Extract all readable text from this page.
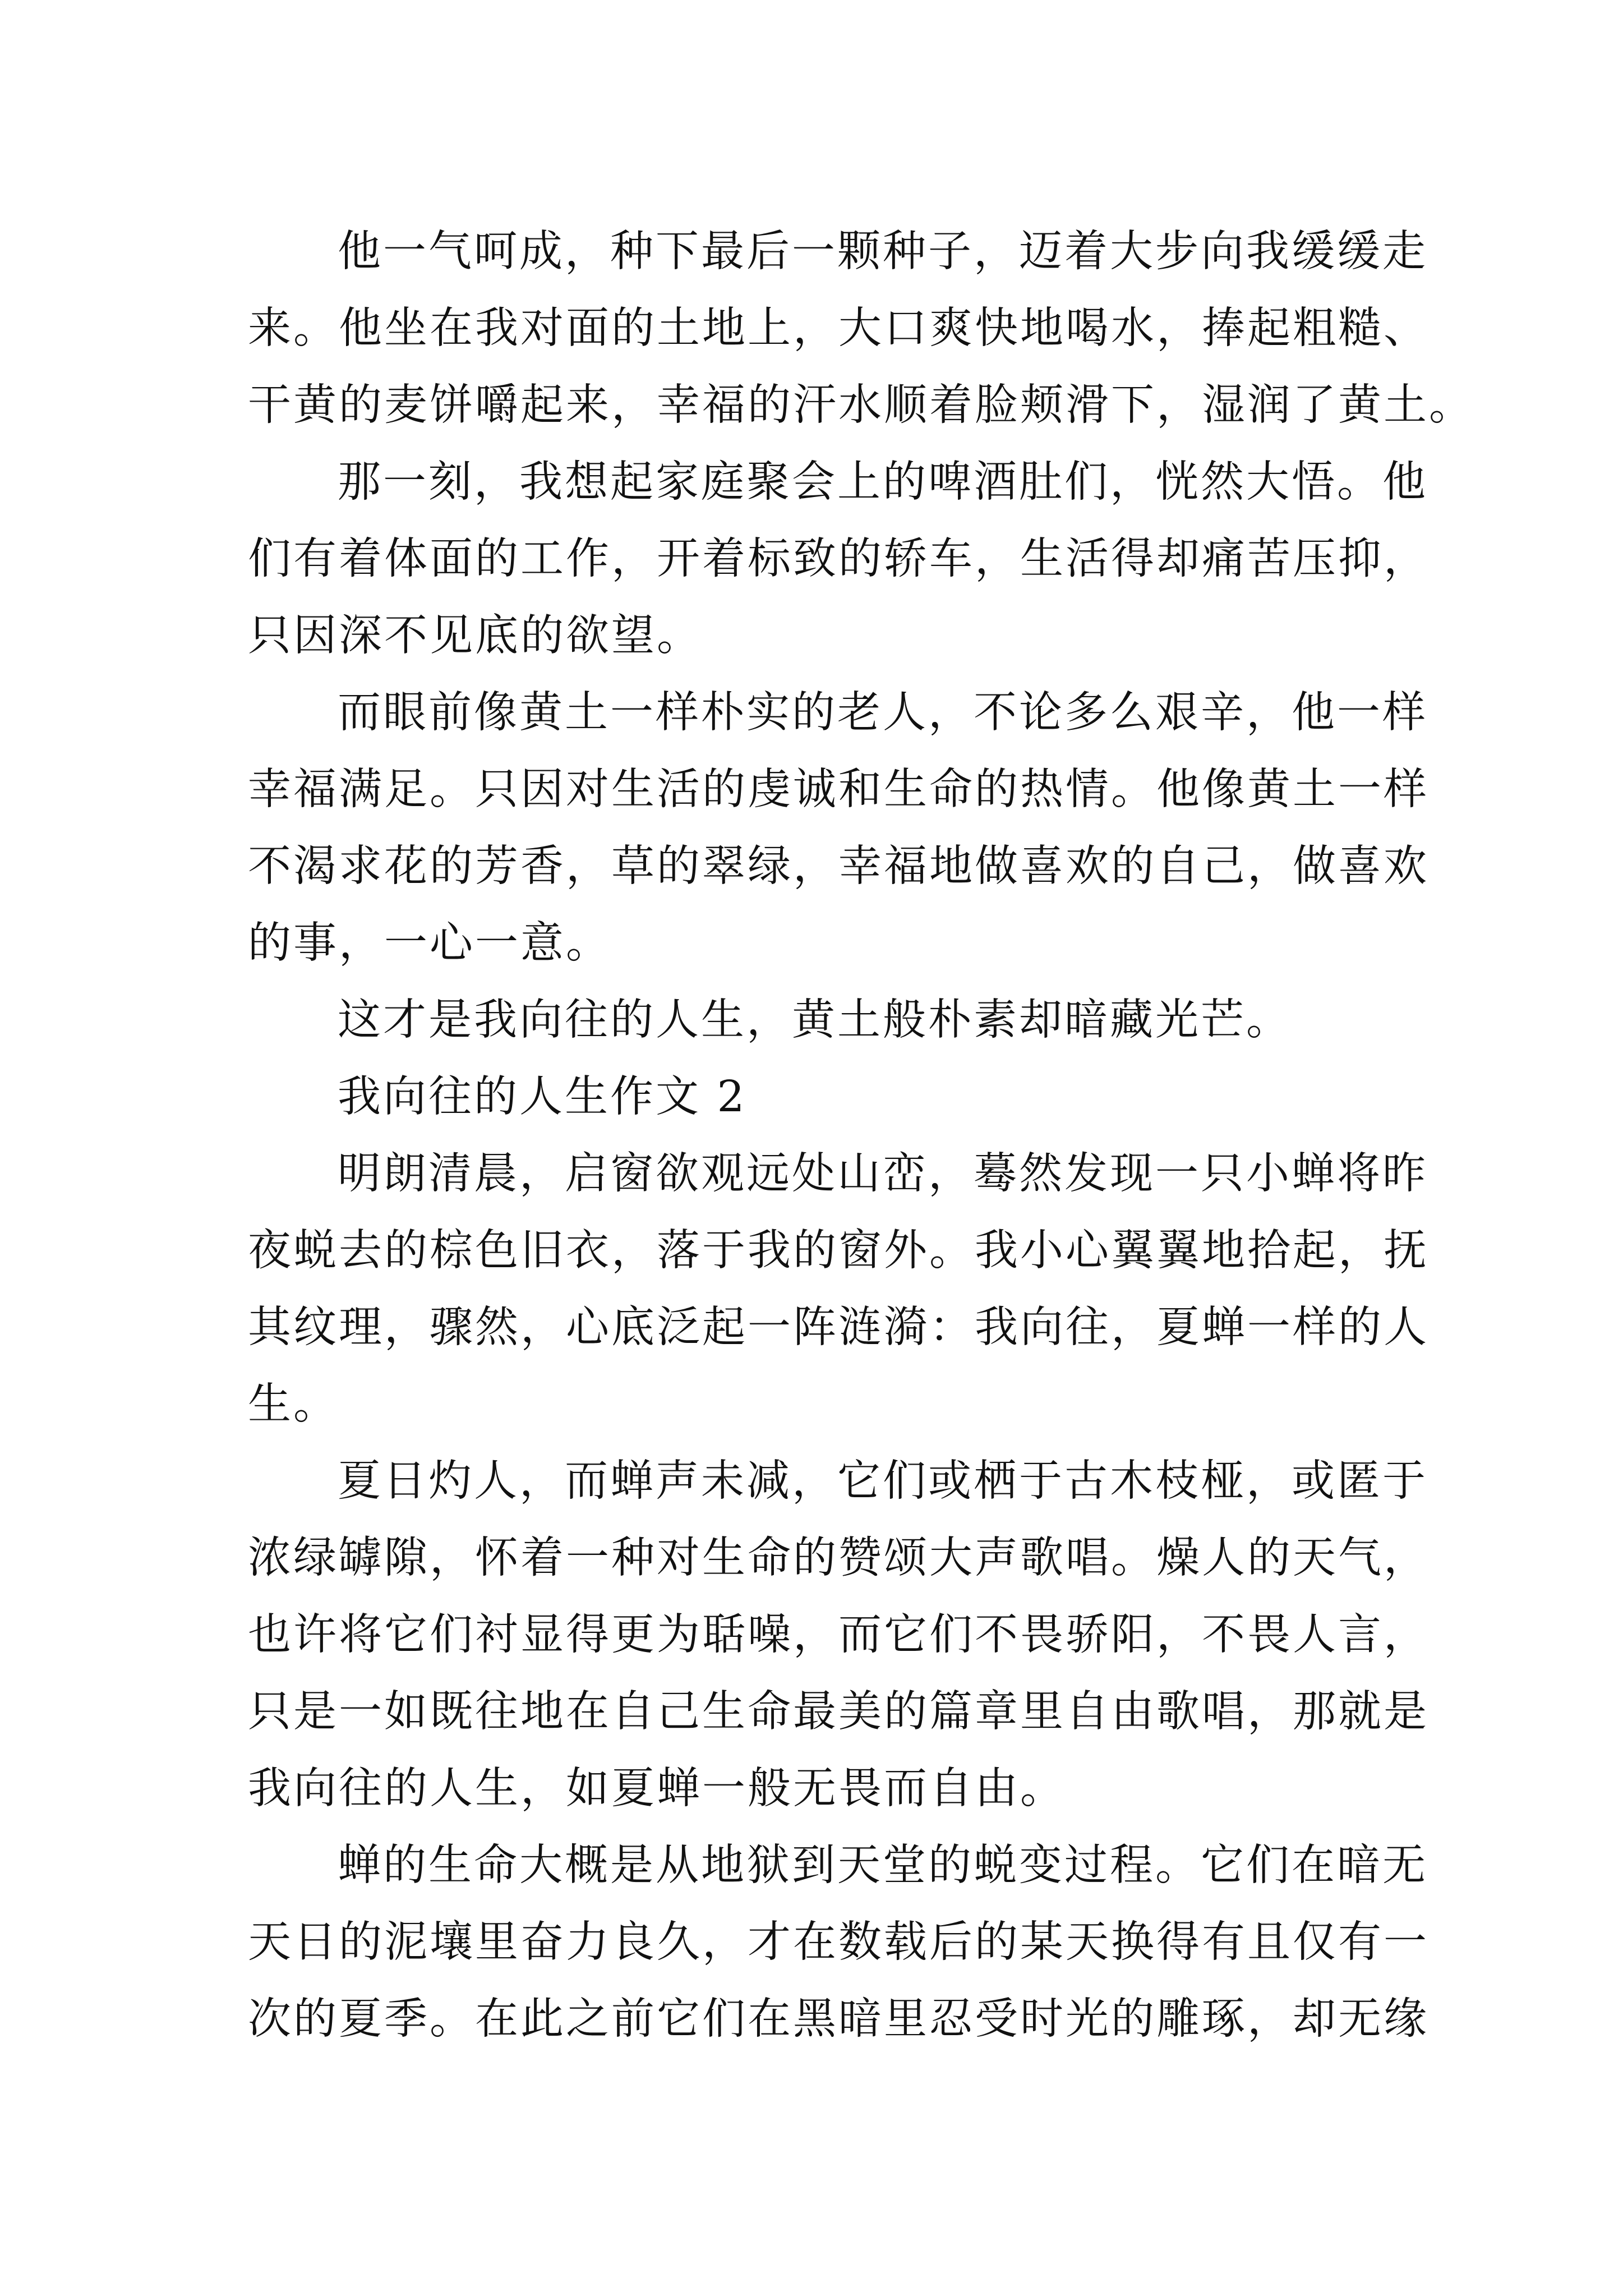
他一气呵成，种下最后一颗种子，迈着大步向我缓缓走
来。他坐在我对面的土地上，大口爽快地喝水，捧起粗糙、
干黄的麦饼嚼起来，幸福的汗水顺着脸颊滑下，湿润了黄土。
那一刻，我想起家庭聚会上的啤酒肚们，恍然大悟。他
们有着体面的工作，开着标致的轿车，生活得却痛苦压抑，
只因深不见底的欲望。
而眼前像黄土一样朴实的老人，不论多么艰辛，他一样
幸福满足。只因对生活的虔诚和生命的热情。他像黄土一样
不渴求花的芳香，草的翠绿，幸福地做喜欢的自己，做喜欢
的事，一心一意。
这才是我向往的人生，黄土般朴素却暗藏光芒。
我向往的人生作文 2
明朗清晨，启窗欲观远处山峦，蓦然发现一只小蝉将昨
夜蜕去的棕色旧衣，落于我的窗外。我小心翼翼地拾起，抚
其纹理，骤然，心底泛起一阵涟漪：我向往，夏蝉一样的人
生。
夏日灼人，而蝉声未减，它们或栖于古木枝桠，或匿于
浓绿罅隙，怀着一种对生命的赞颂大声歌唱。燥人的天气，
也许将它们衬显得更为聒噪，而它们不畏骄阳，不畏人言，
只是一如既往地在自己生命最美的篇章里自由歌唱，那就是
我向往的人生，如夏蝉一般无畏而自由。
蝉的生命大概是从地狱到天堂的蜕变过程。它们在暗无
天日的泥壤里奋力良久，才在数载后的某天换得有且仅有一
次的夏季。在此之前它们在黑暗里忍受时光的雕琢，却无缘
